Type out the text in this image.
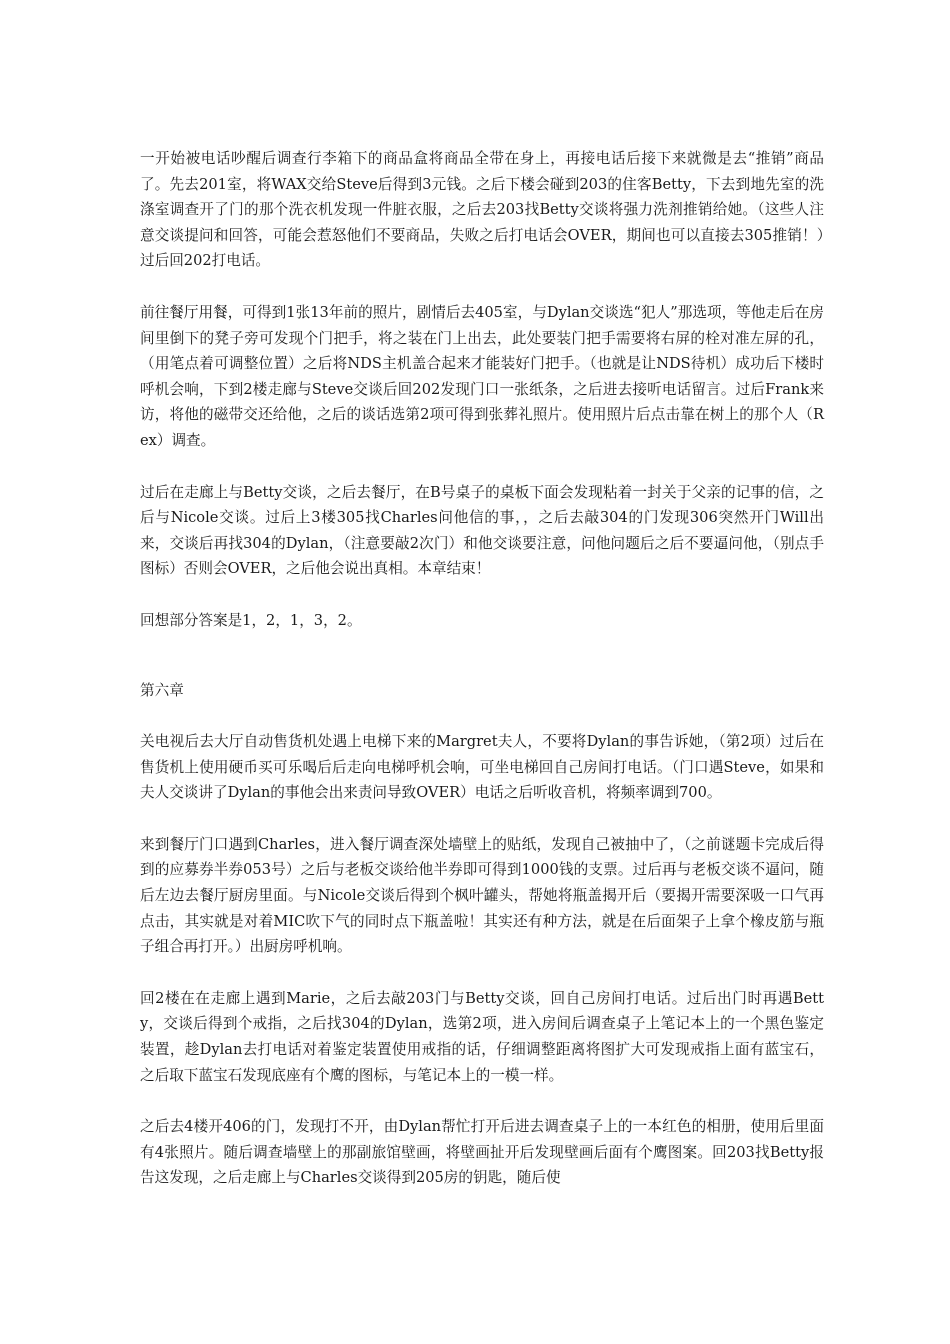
一开始被电话吵醒后调查行李箱下的商品盒将商品全带在身上，再接电话后接下来就微是去“推销”商品了。先去201室，将WAX交给Steve后得到3元钱。之后下楼会碰到203的住客Betty，下去到地先室的洗涤室调查开了门的那个洗衣机发现一件脏衣服，之后去203找Betty交谈将强力洗剂推销给她。（这些人注意交谈提问和回答，可能会惹怒他们不要商品，失败之后打电话会OVER，期间也可以直接去305推销！）过后回202打电话。

前往餐厅用餐，可得到1张13年前的照片，剧情后去405室，与Dylan交谈选“犯人”那选项，等他走后在房间里倒下的凳子旁可发现个门把手，将之装在门上出去，此处要装门把手需要将右屏的栓对准左屏的孔，（用笔点着可调整位置）之后将NDS主机盖合起来才能装好门把手。（也就是让NDS待机）成功后下楼时呼机会响，下到2楼走廊与Steve交谈后回202发现门口一张纸条，之后进去接听电话留言。过后Frank来访，将他的磁带交还给他，之后的谈话选第2项可得到张葬礼照片。使用照片后点击靠在树上的那个人（Rex）调查。

过后在走廊上与Betty交谈，之后去餐厅，在B号桌子的桌板下面会发现粘着一封关于父亲的记事的信，之后与Nicole交谈。过后上3楼305找Charles问他信的事，，之后去敲304的门发现306突然开门Will出来，交谈后再找304的Dylan，（注意要敲2次门）和他交谈要注意，问他问题后之后不要逼问他，（别点手图标）否则会OVER，之后他会说出真相。本章结束！

回想部分答案是1，2，1，3，2。

第六章

关电视后去大厅自动售货机处遇上电梯下来的Margret夫人，不要将Dylan的事告诉她，（第2项）过后在售货机上使用硬币买可乐喝后后走向电梯呼机会响，可坐电梯回自己房间打电话。（门口遇Steve，如果和夫人交谈讲了Dylan的事他会出来责问导致OVER）电话之后听收音机，将频率调到700。

来到餐厅门口遇到Charles，进入餐厅调查深处墙壁上的贴纸，发现自己被抽中了，（之前谜题卡完成后得到的应募券半券053号）之后与老板交谈给他半券即可得到1000钱的支票。过后再与老板交谈不逼问，随后左边去餐厅厨房里面。与Nicole交谈后得到个枫叶罐头，帮她将瓶盖揭开后（要揭开需要深吸一口气再点击，其实就是对着MIC吹下气的同时点下瓶盖啦！其实还有种方法，就是在后面架子上拿个橡皮筋与瓶子组合再打开。）出厨房呼机响。

回2楼在在走廊上遇到Marie，之后去敲203门与Betty交谈，回自己房间打电话。过后出门时再遇Betty，交谈后得到个戒指，之后找304的Dylan，选第2项，进入房间后调查桌子上笔记本上的一个黑色鉴定装置，趁Dylan去打电话对着鉴定装置使用戒指的话，仔细调整距离将图扩大可发现戒指上面有蓝宝石，之后取下蓝宝石发现底座有个鹰的图标，与笔记本上的一模一样。

之后去4楼开406的门，发现打不开，由Dylan帮忙打开后进去调查桌子上的一本红色的相册，使用后里面有4张照片。随后调查墙壁上的那副旅馆壁画，将壁画扯开后发现壁画后面有个鹰图案。回203找Betty报告这发现，之后走廊上与Charles交谈得到205房的钥匙，随后使
